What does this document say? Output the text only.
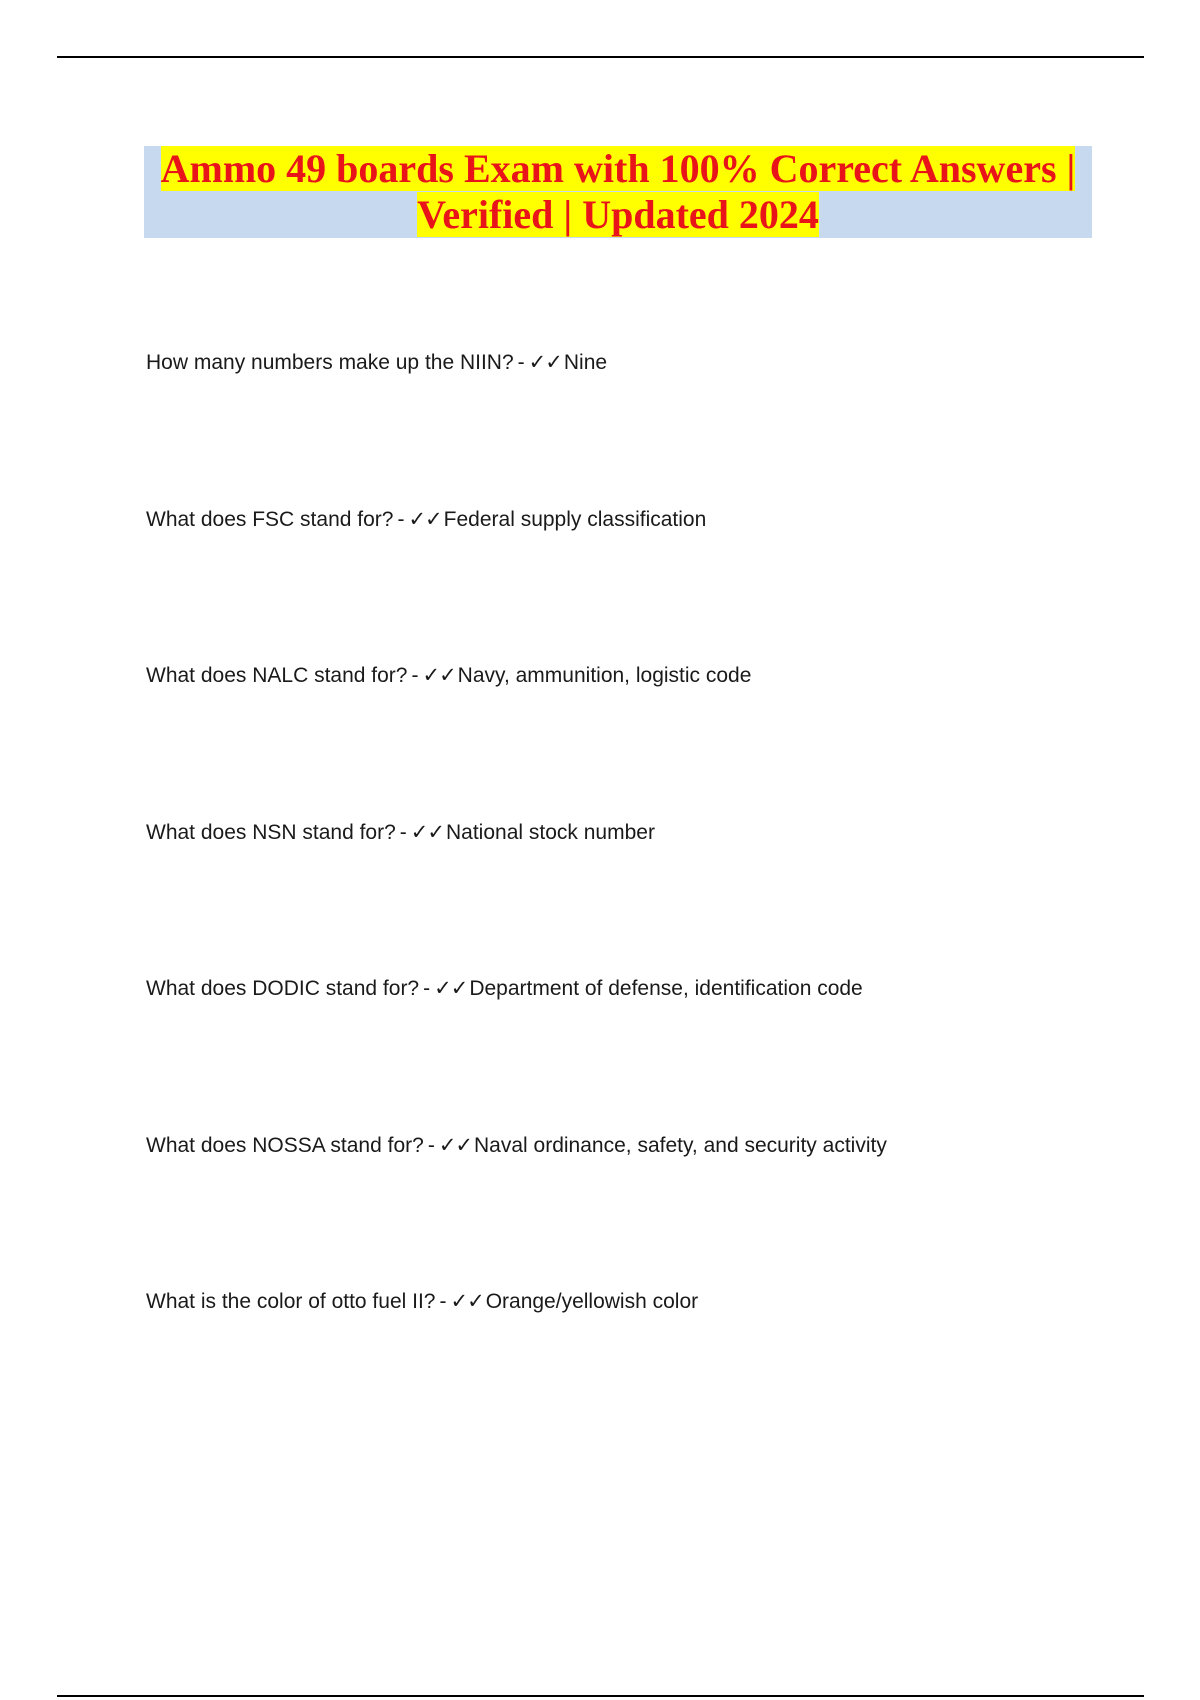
Ammo 49 boards Exam with 100% Correct Answers |
Verified | Updated 2024
How many numbers make up the NIIN? - ✓✓Nine
What does FSC stand for? - ✓✓Federal supply classification
What does NALC stand for? - ✓✓Navy, ammunition, logistic code
What does NSN stand for? - ✓✓National stock number
What does DODIC stand for? - ✓✓Department of defense, identification code
What does NOSSA stand for? - ✓✓Naval ordinance, safety, and security activity
What is the color of otto fuel II? - ✓✓Orange/yellowish color
